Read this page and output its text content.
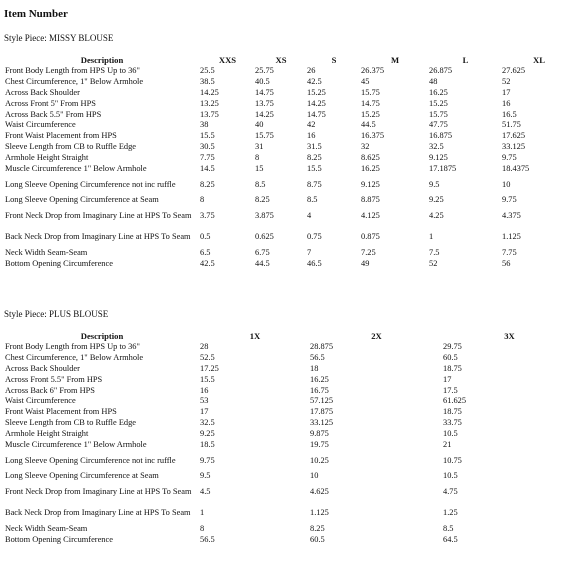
Item Number
Style Piece: MISSY BLOUSE
Description	XXS	XS	S	M	L	XL
Front Body Length from HPS Up to 36"	25.5	25.75	26	26.375	26.875	27.625
Chest Circumference, 1" Below Armhole	38.5	40.5	42.5	45	48	52
Across Back Shoulder	14.25	14.75	15.25	15.75	16.25	17
Across Front 5" From HPS	13.25	13.75	14.25	14.75	15.25	16
Across Back 5.5" From HPS	13.75	14.25	14.75	15.25	15.75	16.5
Waist Circumference	38	40	42	44.5	47.75	51.75
Front Waist Placement from HPS	15.5	15.75	16	16.375	16.875	17.625
Sleeve Length from CB to Ruffle Edge	30.5	31	31.5	32	32.5	33.125
Armhole Height Straight	7.75	8	8.25	8.625	9.125	9.75
Muscle Circumference 1" Below Armhole	14.5	15	15.5	16.25	17.1875	18.4375
Long Sleeve Opening Circumference not inc ruffle	8.25	8.5	8.75	9.125	9.5	10
Long Sleeve Opening Circumference at Seam	8	8.25	8.5	8.875	9.25	9.75
Front Neck Drop from Imaginary Line at HPS To Seam	3.75	3.875	4	4.125	4.25	4.375
Back Neck Drop from Imaginary Line at HPS To Seam	0.5	0.625	0.75	0.875	1	1.125
Neck Width Seam-Seam	6.5	6.75	7	7.25	7.5	7.75
Bottom Opening Circumference	42.5	44.5	46.5	49	52	56
Style Piece: PLUS BLOUSE
Description	1X	2X	3X
Front Body Length from HPS Up to 36"	28	28.875	29.75
Chest Circumference, 1" Below Armhole	52.5	56.5	60.5
Across Back Shoulder	17.25	18	18.75
Across Front 5.5" From HPS	15.5	16.25	17
Across Back 6" From HPS	16	16.75	17.5
Waist Circumference	53	57.125	61.625
Front Waist Placement from HPS	17	17.875	18.75
Sleeve Length from CB to Ruffle Edge	32.5	33.125	33.75
Armhole Height Straight	9.25	9.875	10.5
Muscle Circumference 1" Below Armhole	18.5	19.75	21
Long Sleeve Opening Circumference not inc ruffle	9.75	10.25	10.75
Long Sleeve Opening Circumference at Seam	9.5	10	10.5
Front Neck Drop from Imaginary Line at HPS To Seam	4.5	4.625	4.75
Back Neck Drop from Imaginary Line at HPS To Seam	1	1.125	1.25
Neck Width Seam-Seam	8	8.25	8.5
Bottom Opening Circumference	56.5	60.5	64.5
